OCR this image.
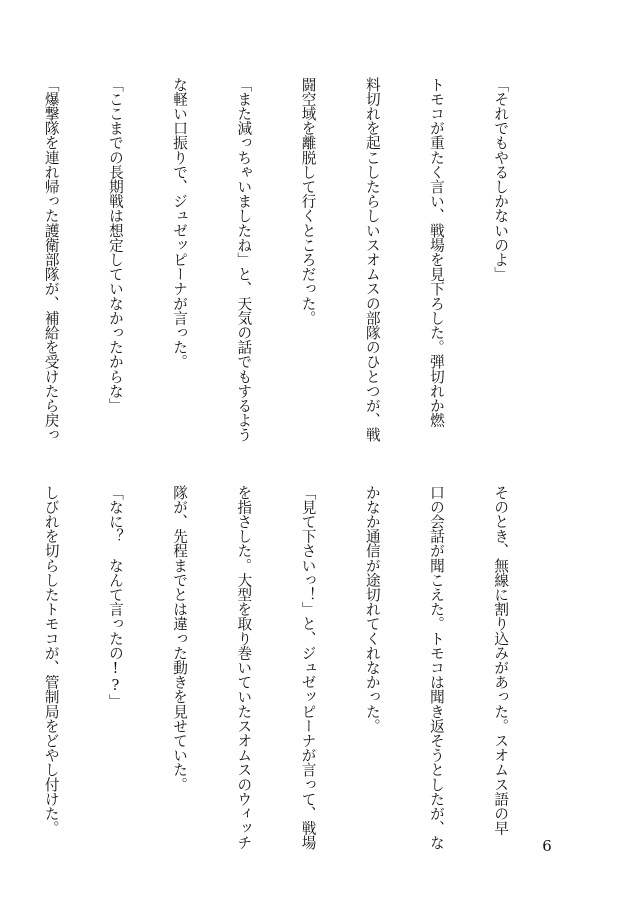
「それでもやるしかないのよ」

トモコが重たく言い、戦場を見下ろした。弾切れか燃

料切れを起こしたらしいスオムスの部隊のひとつが、戦

闘空域を離脱して行くところだった。

「また減っちゃいましたね」と、天気の話でもするよう

な軽い口振りで、ジュゼッピーナが言った。

「ここまでの長期戦は想定していなかったからな」

「爆撃隊を連れ帰った護衛部隊が、補給を受けたら戻っ

そのとき、無線に割り込みがあった。スオムス語の早

口の会話が聞こえた。トモコは聞き返そうとしたが、な

かなか通信が途切れてくれなかった。

「見て下さいっ！」と、ジュゼッピーナが言って、戦場

を指さした。大型を取り巻いていたスオムスのウィッチ

隊が、先程までとは違った動きを見せていた。

「なに？　なんて言ったの!?」

しびれを切らしたトモコが、管制局をどやし付けた。

6
